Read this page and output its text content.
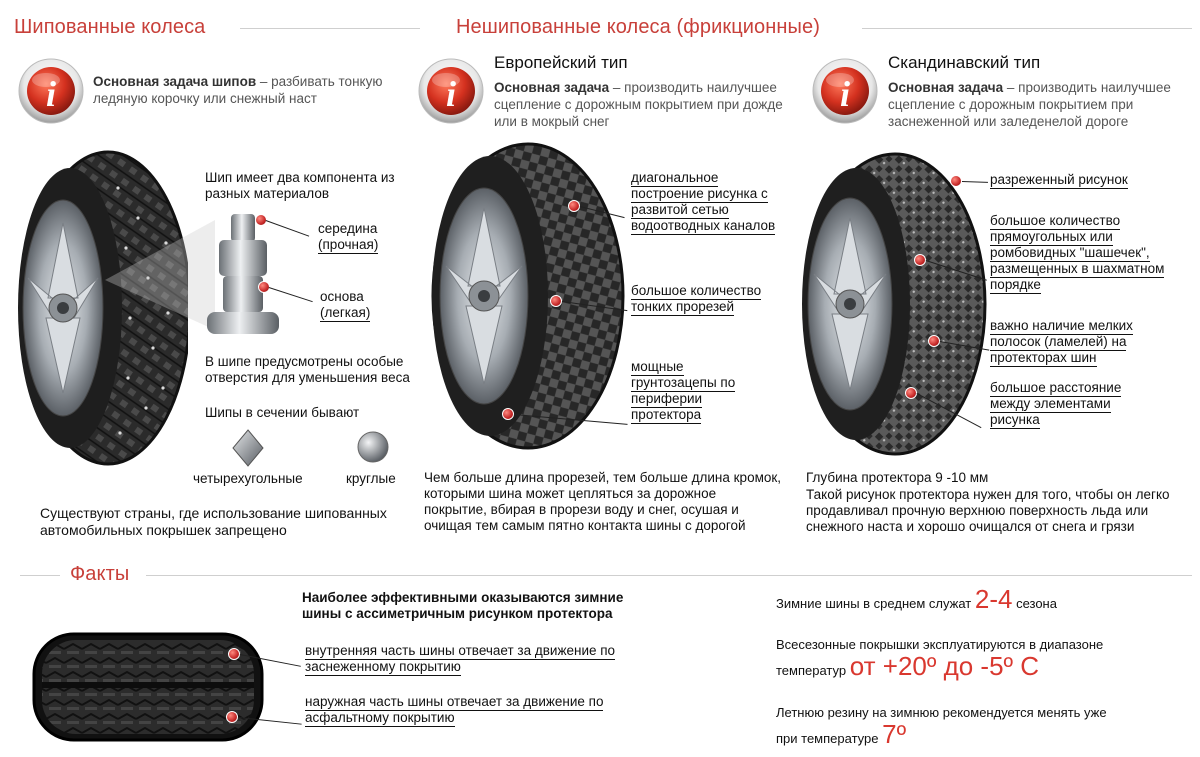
Шипованные колеса	Нешипованные колеса (фрикционные)
Основная задача шипов – разбивать тонкую ледяную корочку или снежный наст
Европейский тип
Основная задача – производить наилучшее сцепление с дорожным покрытием при дожде или в мокрый снег
Скандинавский тип
Основная задача – производить наилучшее сцепление с дорожным покрытием при заснеженной или заледенелой дороге
Шип имеет два компонента из разных материалов
середина
(прочная)
основа
(легкая)
В шипе предусмотрены особые отверстия для уменьшения веса
Шипы в сечении бывают
четырехугольные	круглые
Существуют страны, где использование шипованных автомобильных покрышек запрещено
диагональное построение рисунка с развитой сетью водоотводных каналов
большое количество тонких прорезей
мощные грунтозацепы по периферии протектора
Чем больше длина прорезей, тем больше длина кромок, которыми шина может цепляться за дорожное покрытие, вбирая в прорези воду и снег, осушая и очищая тем самым пятно контакта шины с дорогой
разреженный рисунок
большое количество прямоугольных или ромбовидных "шашечек", размещенных в шахматном порядке
важно наличие мелких полосок (ламелей) на протекторах шин
большое расстояние между элементами рисунка
Глубина протектора 9 -10 мм
Такой рисунок протектора нужен для того, чтобы он легко продавливал прочную верхнюю поверхность льда или снежного наста и хорошо очищался от снега и грязи
Факты
Наиболее эффективными оказываются зимние шины с ассиметричным рисунком протектора
внутренняя часть шины отвечает за движение по заснеженному покрытию
наружная часть шины отвечает за движение по асфальтному покрытию
Зимние шины в среднем служат 2-4 сезона
Всесезонные покрышки эксплуатируются в диапазоне температур от +20º до -5º С
Летнюю резину на зимнюю рекомендуется менять уже при температуре 7º
